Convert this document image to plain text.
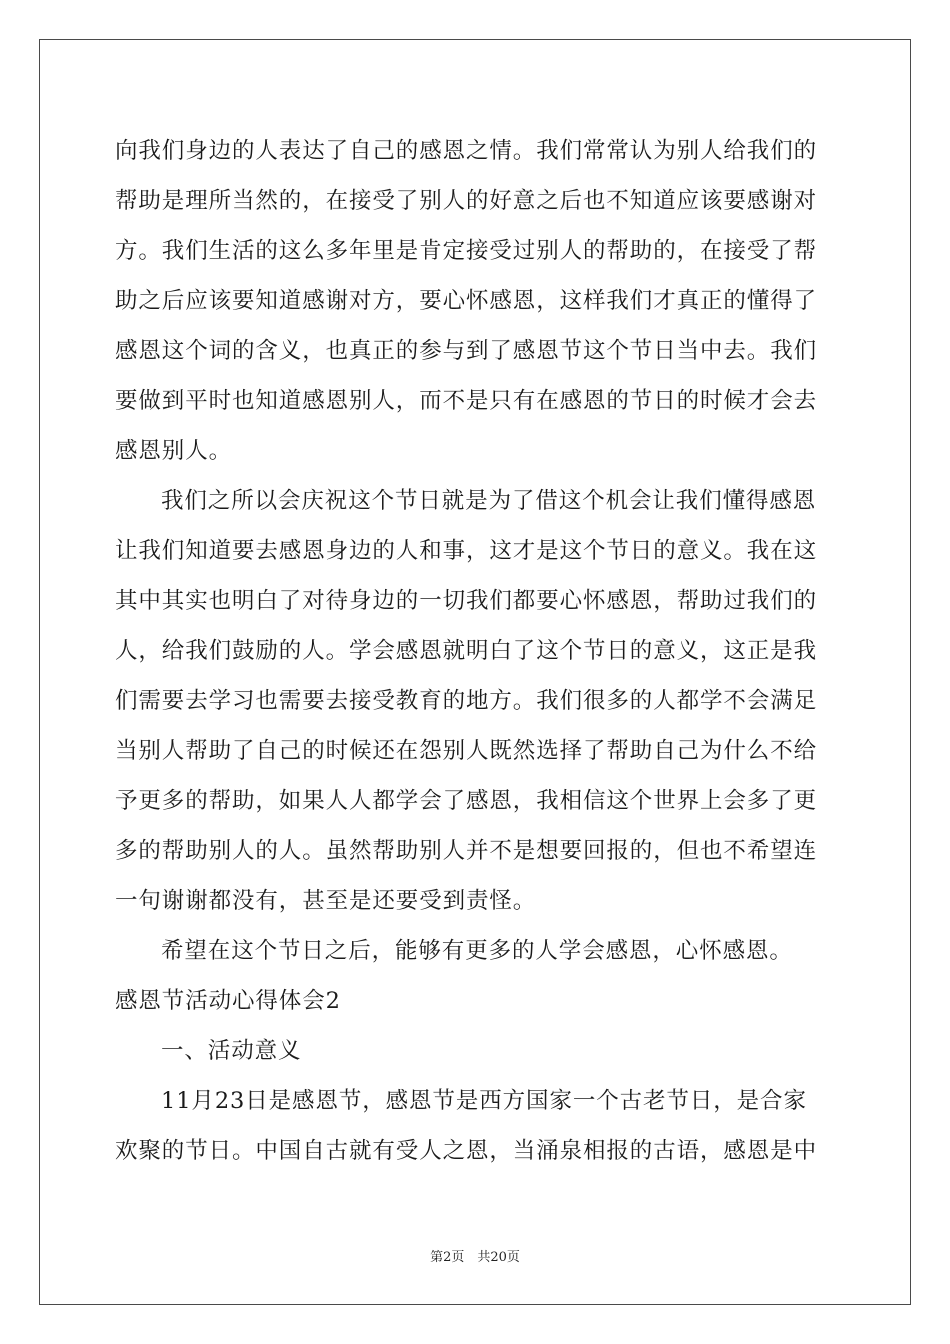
向我们身边的人表达了自己的感恩之情。我们常常认为别人给我们的
帮助是理所当然的，在接受了别人的好意之后也不知道应该要感谢对
方。我们生活的这么多年里是肯定接受过别人的帮助的，在接受了帮
助之后应该要知道感谢对方，要心怀感恩，这样我们才真正的懂得了
感恩这个词的含义，也真正的参与到了感恩节这个节日当中去。我们
要做到平时也知道感恩别人，而不是只有在感恩的节日的时候才会去
感恩别人。
我们之所以会庆祝这个节日就是为了借这个机会让我们懂得感恩
让我们知道要去感恩身边的人和事，这才是这个节日的意义。我在这
其中其实也明白了对待身边的一切我们都要心怀感恩，帮助过我们的
人，给我们鼓励的人。学会感恩就明白了这个节日的意义，这正是我
们需要去学习也需要去接受教育的地方。我们很多的人都学不会满足
当别人帮助了自己的时候还在怨别人既然选择了帮助自己为什么不给
予更多的帮助，如果人人都学会了感恩，我相信这个世界上会多了更
多的帮助别人的人。虽然帮助别人并不是想要回报的，但也不希望连
一句谢谢都没有，甚至是还要受到责怪。
希望在这个节日之后，能够有更多的人学会感恩，心怀感恩。
感恩节活动心得体会2
一、活动意义
11月23日是感恩节，感恩节是西方国家一个古老节日，是合家
欢聚的节日。中国自古就有受人之恩，当涌泉相报的古语，感恩是中
第2页　共20页
